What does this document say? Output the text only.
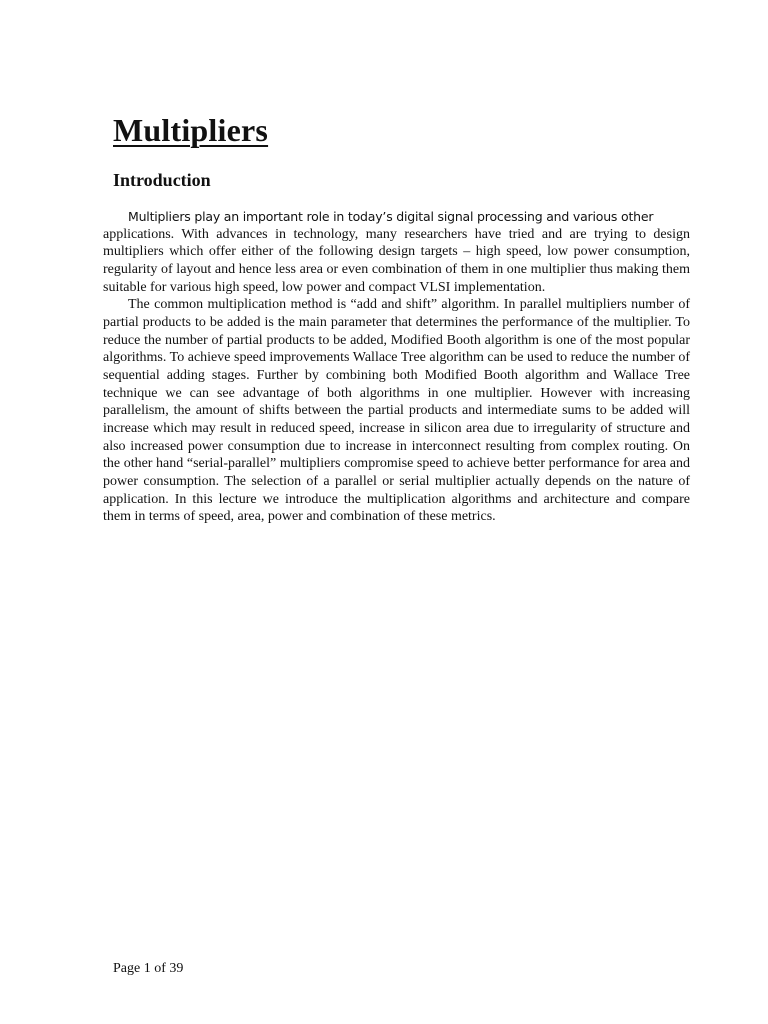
Multipliers
Introduction

Multipliers play an important role in today’s digital signal processing and various other

applications. With advances in technology, many researchers have tried and are trying to design multipliers which offer either of the following design targets – high speed, low power consumption, regularity of layout and hence less area or even combination of them in one multiplier thus making them suitable for various high speed, low power and compact VLSI implementation.

The common multiplication method is “add and shift” algorithm. In parallel multipliers number of partial products to be added is the main parameter that determines the performance of the multiplier. To reduce the number of partial products to be added, Modified Booth algorithm is one of the most popular algorithms. To achieve speed improvements Wallace Tree algorithm can be used to reduce the number of sequential adding stages. Further by combining both Modified Booth algorithm and Wallace Tree technique we can see advantage of both algorithms in one multiplier. However with increasing parallelism, the amount of shifts between the partial products and intermediate sums to be added will increase which may result in reduced speed, increase in silicon area due to irregularity of structure and also increased power consumption due to increase in interconnect resulting from complex routing. On the other hand “serial-parallel” multipliers compromise speed to achieve better performance for area and power consumption. The selection of a parallel or serial multiplier actually depends on the nature of application. In this lecture we introduce the multiplication algorithms and architecture and compare them in terms of speed, area, power and combination of these metrics.

Page 1 of 39
